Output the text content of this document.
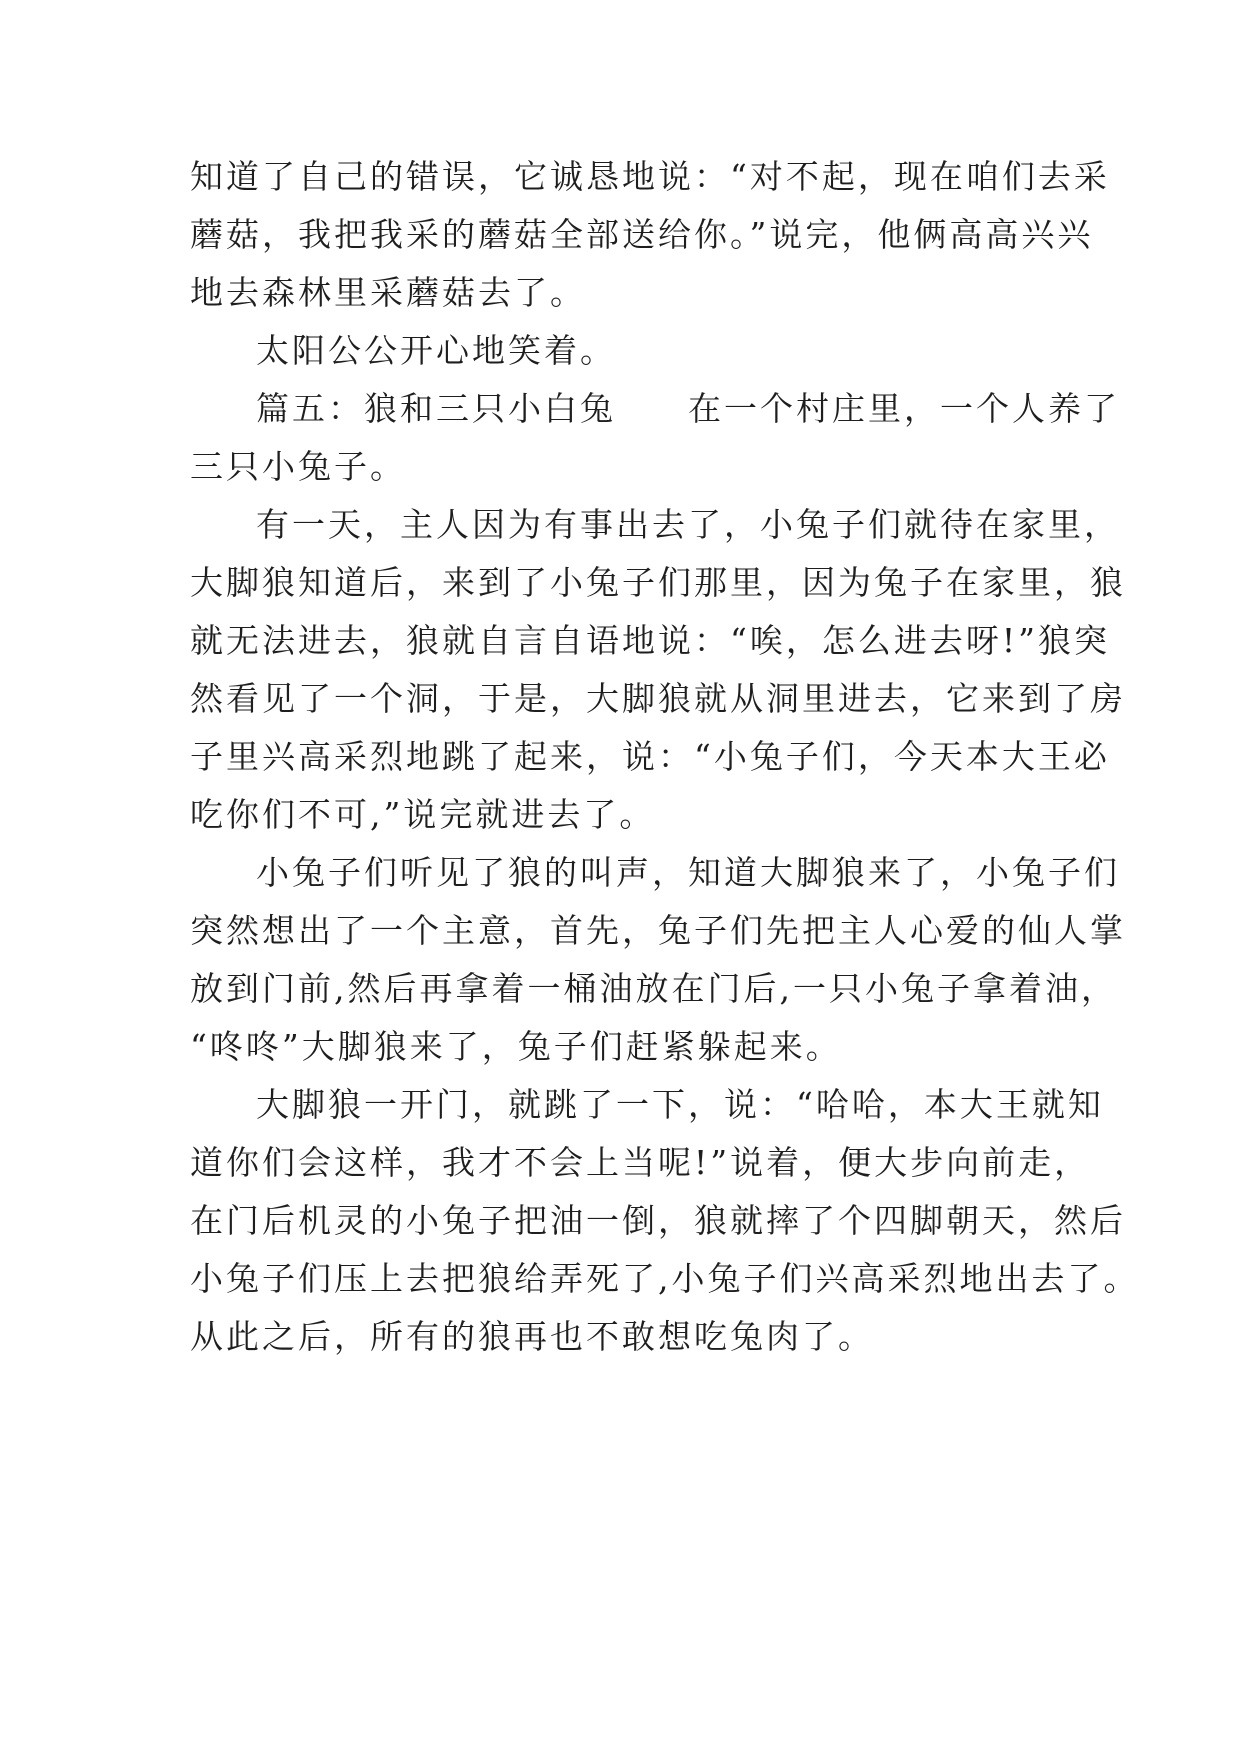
知道了自己的错误，它诚恳地说：“对不起，现在咱们去采
蘑菇，我把我采的蘑菇全部送给你。”说完，他俩高高兴兴
地去森林里采蘑菇去了。
太阳公公开心地笑着。
篇五：狼和三只小白兔　　在一个村庄里，一个人养了
三只小兔子。
有一天，主人因为有事出去了，小兔子们就待在家里，
大脚狼知道后，来到了小兔子们那里，因为兔子在家里，狼
就无法进去，狼就自言自语地说：“唉，怎么进去呀!”狼突
然看见了一个洞，于是，大脚狼就从洞里进去，它来到了房
子里兴高采烈地跳了起来，说：“小兔子们，今天本大王必
吃你们不可,”说完就进去了。
小兔子们听见了狼的叫声，知道大脚狼来了，小兔子们
突然想出了一个主意，首先，兔子们先把主人心爱的仙人掌
放到门前,然后再拿着一桶油放在门后,一只小兔子拿着油，
“咚咚”大脚狼来了，兔子们赶紧躲起来。
大脚狼一开门，就跳了一下，说：“哈哈，本大王就知
道你们会这样，我才不会上当呢!”说着，便大步向前走，
在门后机灵的小兔子把油一倒，狼就摔了个四脚朝天，然后
小兔子们压上去把狼给弄死了,小兔子们兴高采烈地出去了。
从此之后，所有的狼再也不敢想吃兔肉了。
